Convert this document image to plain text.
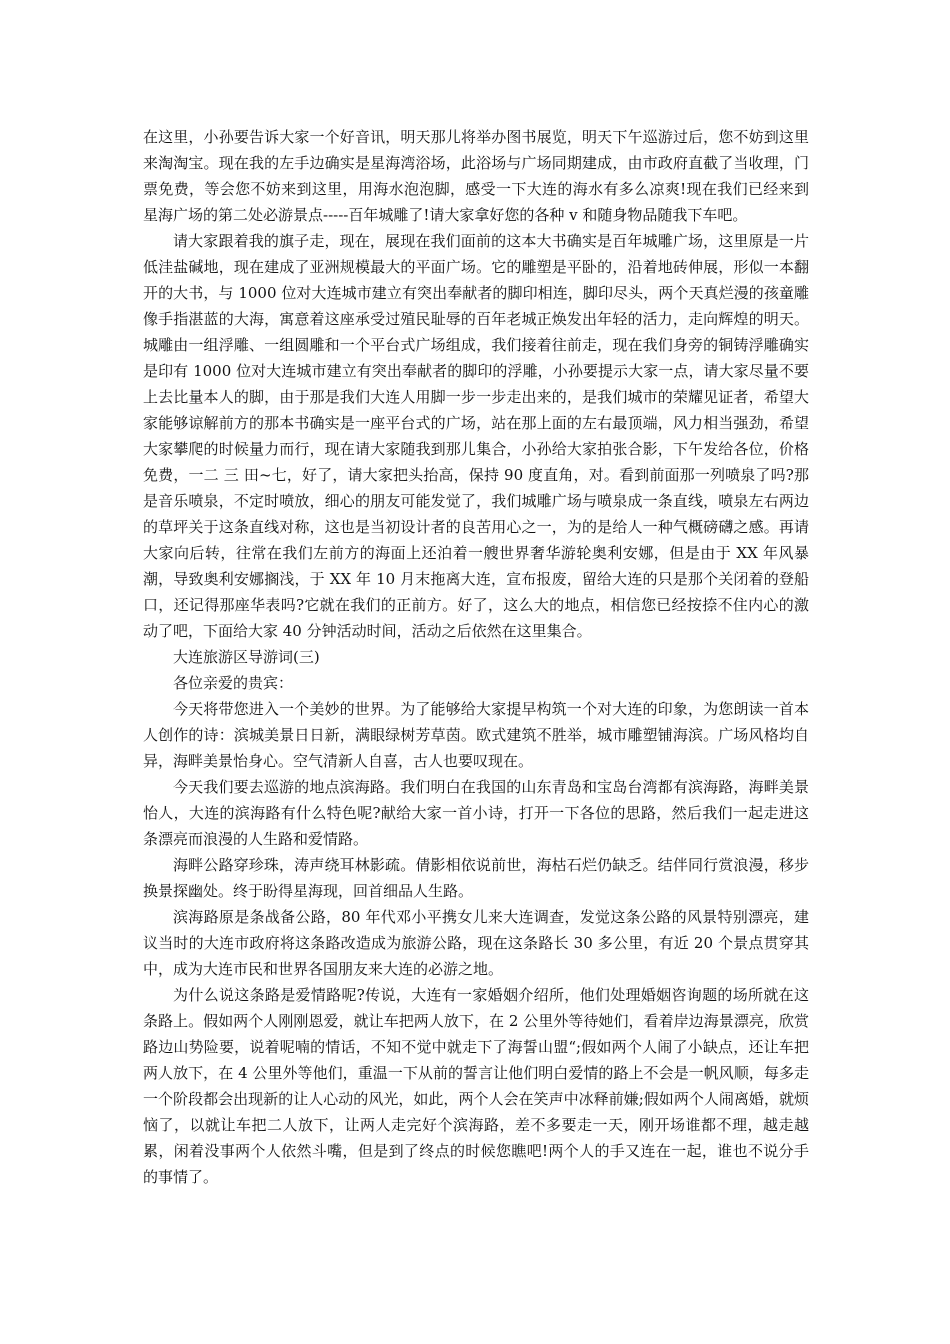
在这里，小孙要告诉大家一个好音讯，明天那儿将举办图书展览，明天下午巡游过后，您不妨到这里来淘淘宝。现在我的左手边确实是星海湾浴场，此浴场与广场同期建成，由市政府直截了当收理，门票免费，等会您不妨来到这里，用海水泡泡脚，感受一下大连的海水有多么凉爽!现在我们已经来到星海广场的第二处必游景点-----百年城雕了!请大家拿好您的各种 v 和随身物品随我下车吧。

请大家跟着我的旗子走，现在，展现在我们面前的这本大书确实是百年城雕广场，这里原是一片低洼盐碱地，现在建成了亚洲规模最大的平面广场。它的雕塑是平卧的，沿着地砖伸展，形似一本翻开的大书，与 1000 位对大连城市建立有突出奉献者的脚印相连，脚印尽头，两个天真烂漫的孩童雕像手指湛蓝的大海，寓意着这座承受过殖民耻辱的百年老城正焕发出年轻的活力，走向辉煌的明天。城雕由一组浮雕、一组圆雕和一个平台式广场组成，我们接着往前走，现在我们身旁的铜铸浮雕确实是印有 1000 位对大连城市建立有突出奉献者的脚印的浮雕，小孙要提示大家一点，请大家尽量不要上去比量本人的脚，由于那是我们大连人用脚一步一步走出来的，是我们城市的荣耀见证者，希望大家能够谅解前方的那本书确实是一座平台式的广场，站在那上面的左右最顶端，风力相当强劲，希望大家攀爬的时候量力而行，现在请大家随我到那儿集合，小孙给大家拍张合影，下午发给各位，价格免费，一二 三 田~七，好了，请大家把头抬高，保持 90 度直角，对。看到前面那一列喷泉了吗?那是音乐喷泉，不定时喷放，细心的朋友可能发觉了，我们城雕广场与喷泉成一条直线，喷泉左右两边的草坪关于这条直线对称，这也是当初设计者的良苦用心之一，为的是给人一种气概磅礴之感。再请大家向后转，往常在我们左前方的海面上还泊着一艘世界奢华游轮奥利安娜，但是由于 XX 年风暴潮，导致奥利安娜搁浅，于 XX 年 10 月末拖离大连，宣布报废，留给大连的只是那个关闭着的登船口，还记得那座华表吗?它就在我们的正前方。好了，这么大的地点，相信您已经按捺不住内心的激动了吧，下面给大家 40 分钟活动时间，活动之后依然在这里集合。

大连旅游区导游词(三)

各位亲爱的贵宾：

今天将带您进入一个美妙的世界。为了能够给大家提早构筑一个对大连的印象，为您朗读一首本人创作的诗：滨城美景日日新，满眼绿树芳草茵。欧式建筑不胜举，城市雕塑铺海滨。广场风格均自异，海畔美景怡身心。空气清新人自喜，古人也要叹现在。

今天我们要去巡游的地点滨海路。我们明白在我国的山东青岛和宝岛台湾都有滨海路，海畔美景怡人，大连的滨海路有什么特色呢?献给大家一首小诗，打开一下各位的思路，然后我们一起走进这条漂亮而浪漫的人生路和爱情路。

海畔公路穿珍珠，涛声绕耳林影疏。倩影相依说前世，海枯石烂仍缺乏。结伴同行赏浪漫，移步换景探幽处。终于盼得星海现，回首细品人生路。

滨海路原是条战备公路，80 年代邓小平携女儿来大连调查，发觉这条公路的风景特别漂亮，建议当时的大连市政府将这条路改造成为旅游公路，现在这条路长 30 多公里，有近 20 个景点贯穿其中，成为大连市民和世界各国朋友来大连的必游之地。

为什么说这条路是爱情路呢?传说，大连有一家婚姻介绍所，他们处理婚姻咨询题的场所就在这条路上。假如两个人刚刚恩爱，就让车把两人放下，在 2 公里外等待她们，看着岸边海景漂亮，欣赏路边山势险要，说着呢喃的情话，不知不觉中就走下了海誓山盟“;假如两个人闹了小缺点，还让车把两人放下，在 4 公里外等他们，重温一下从前的誓言让他们明白爱情的路上不会是一帆风顺，每多走一个阶段都会出现新的让人心动的风光，如此，两个人会在笑声中冰释前嫌;假如两个人闹离婚，就烦恼了，以就让车把二人放下，让两人走完好个滨海路，差不多要走一天，刚开场谁都不理，越走越累，闲着没事两个人依然斗嘴，但是到了终点的时候您瞧吧!两个人的手又连在一起，谁也不说分手的事情了。
